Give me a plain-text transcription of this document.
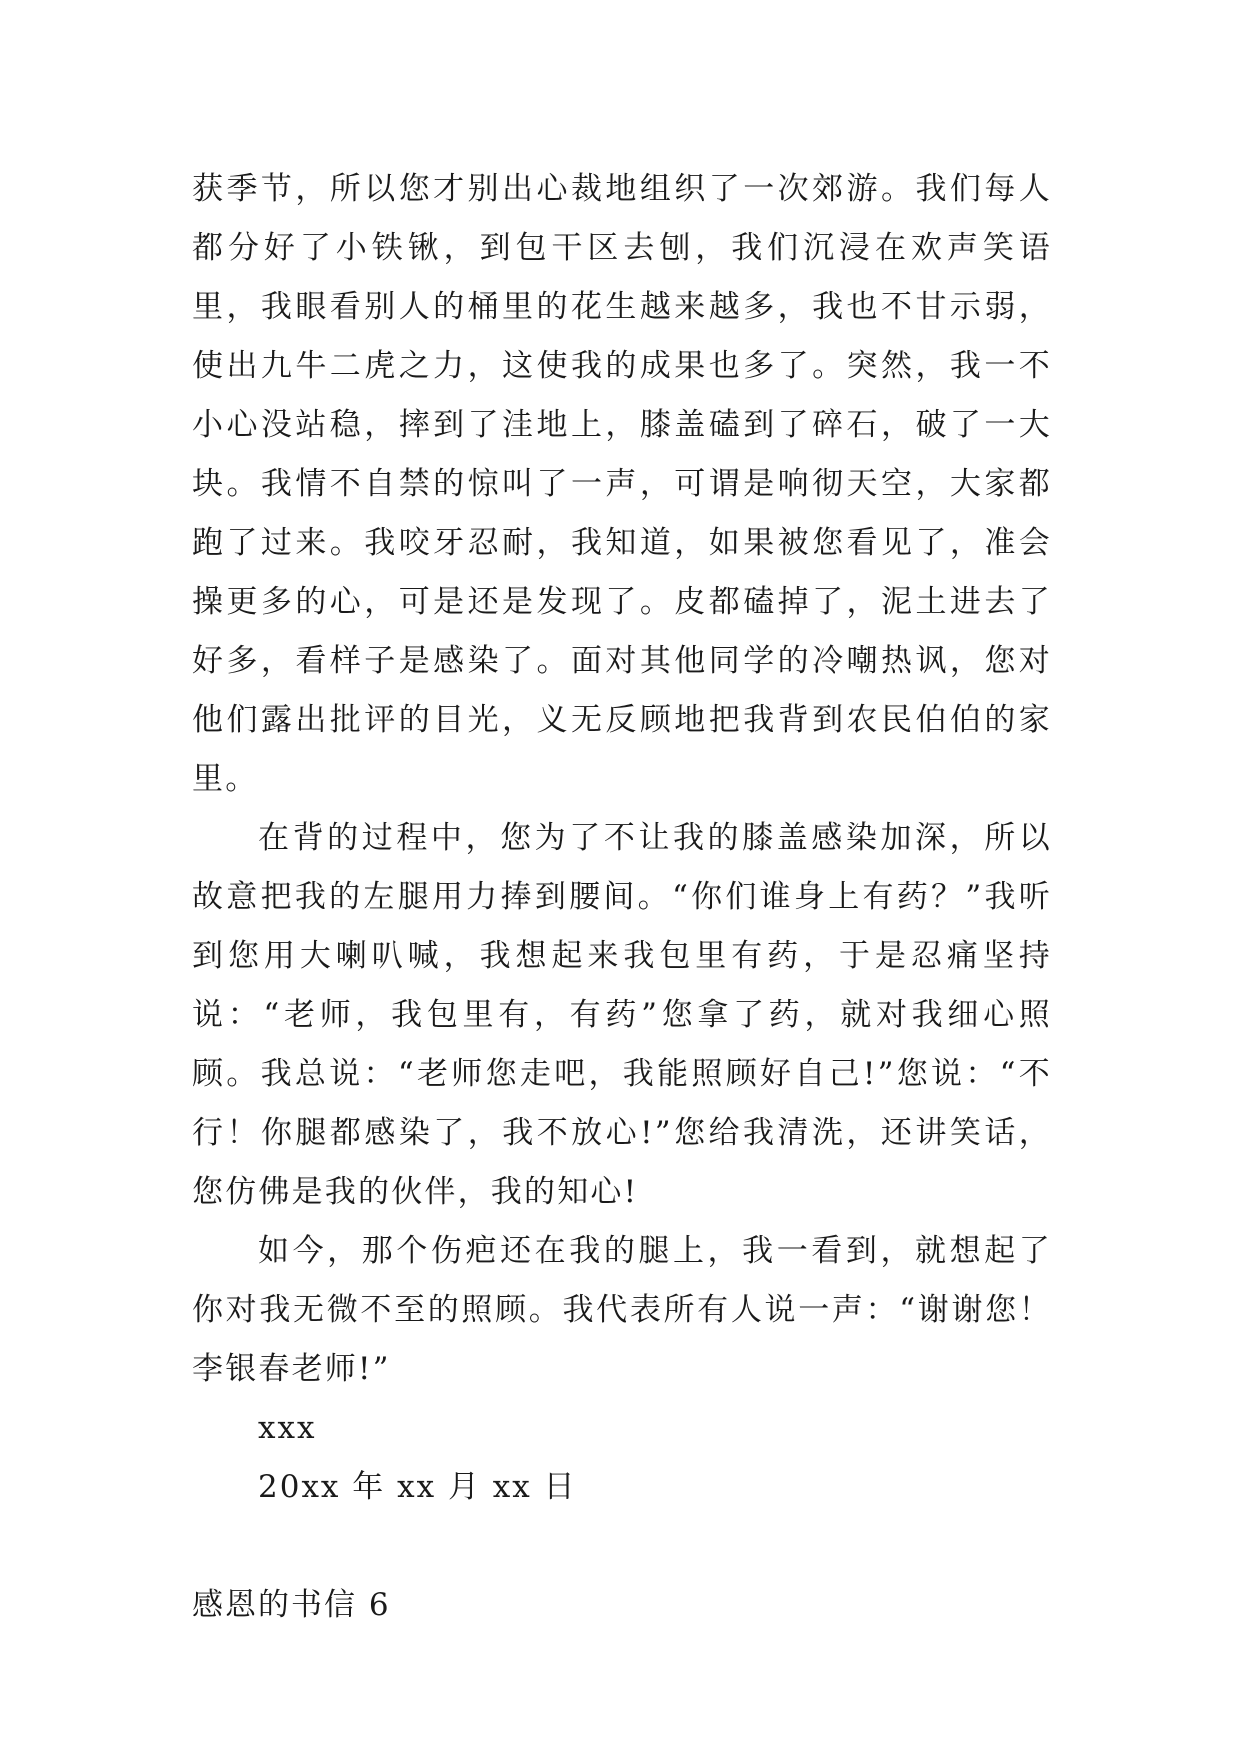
获季节，所以您才别出心裁地组织了一次郊游。我们每人都分好了小铁锹，到包干区去刨，我们沉浸在欢声笑语里，我眼看别人的桶里的花生越来越多，我也不甘示弱，使出九牛二虎之力，这使我的成果也多了。突然，我一不小心没站稳，摔到了洼地上，膝盖磕到了碎石，破了一大块。我情不自禁的惊叫了一声，可谓是响彻天空，大家都跑了过来。我咬牙忍耐，我知道，如果被您看见了，准会操更多的心，可是还是发现了。皮都磕掉了，泥土进去了好多，看样子是感染了。面对其他同学的冷嘲热讽，您对他们露出批评的目光，义无反顾地把我背到农民伯伯的家里。

在背的过程中，您为了不让我的膝盖感染加深，所以故意把我的左腿用力捧到腰间。“你们谁身上有药？”我听到您用大喇叭喊，我想起来我包里有药，于是忍痛坚持说：“老师，我包里有，有药”您拿了药，就对我细心照顾。我总说：“老师您走吧，我能照顾好自己!”您说：“不行！你腿都感染了，我不放心!”您给我清洗，还讲笑话，您仿佛是我的伙伴，我的知心!

如今，那个伤疤还在我的腿上，我一看到，就想起了你对我无微不至的照顾。我代表所有人说一声：“谢谢您！李银春老师!”

xxx

20xx 年 xx 月 xx 日

感恩的书信 6
